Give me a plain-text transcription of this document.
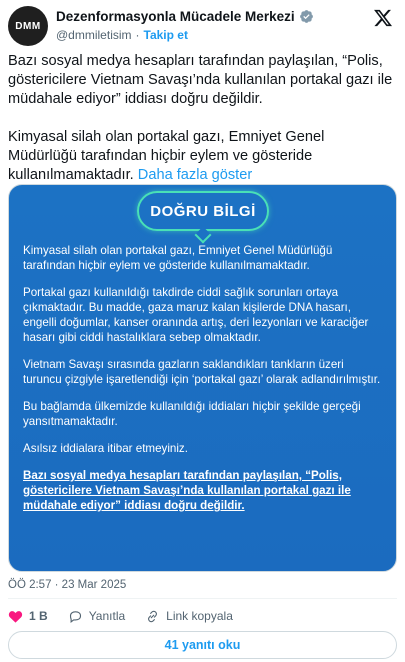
DMM
Dezenformasyonla Mücadele Merkezi
@dmmiletisim · Takip et

Bazı sosyal medya hesapları tarafından paylaşılan, “Polis, göstericilere Vietnam Savaşı’nda kullanılan portakal gazı ile müdahale ediyor” iddiası doğru değildir.

Kimyasal silah olan portakal gazı, Emniyet Genel Müdürlüğü tarafından hiçbir eylem ve gösteride kullanılmamaktadır. Daha fazla göster

DOĞRU BİLGİ

Kimyasal silah olan portakal gazı, Emniyet Genel Müdürlüğü tarafından hiçbir eylem ve gösteride kullanılmamaktadır.

Portakal gazı kullanıldığı takdirde ciddi sağlık sorunları ortaya çıkmaktadır. Bu madde, gaza maruz kalan kişilerde DNA hasarı, engelli doğumlar, kanser oranında artış, deri lezyonları ve karaciğer hasarı gibi ciddi hastalıklara sebep olmaktadır.

Vietnam Savaşı sırasında gazların saklandıkları tankların üzeri turuncu çizgiyle işaretlendiği için ‘portakal gazı’ olarak adlandırılmıştır.

Bu bağlamda ülkemizde kullanıldığı iddiaları hiçbir şekilde gerçeği yansıtmamaktadır.

Asılsız iddialara itibar etmeyiniz.

Bazı sosyal medya hesapları tarafından paylaşılan, “Polis, göstericilere Vietnam Savaşı’nda kullanılan portakal gazı ile müdahale ediyor” iddiası doğru değildir.

ÖÖ 2:57 · 23 Mar 2025
1 B	Yanıtla	Link kopyala
41 yanıtı oku
